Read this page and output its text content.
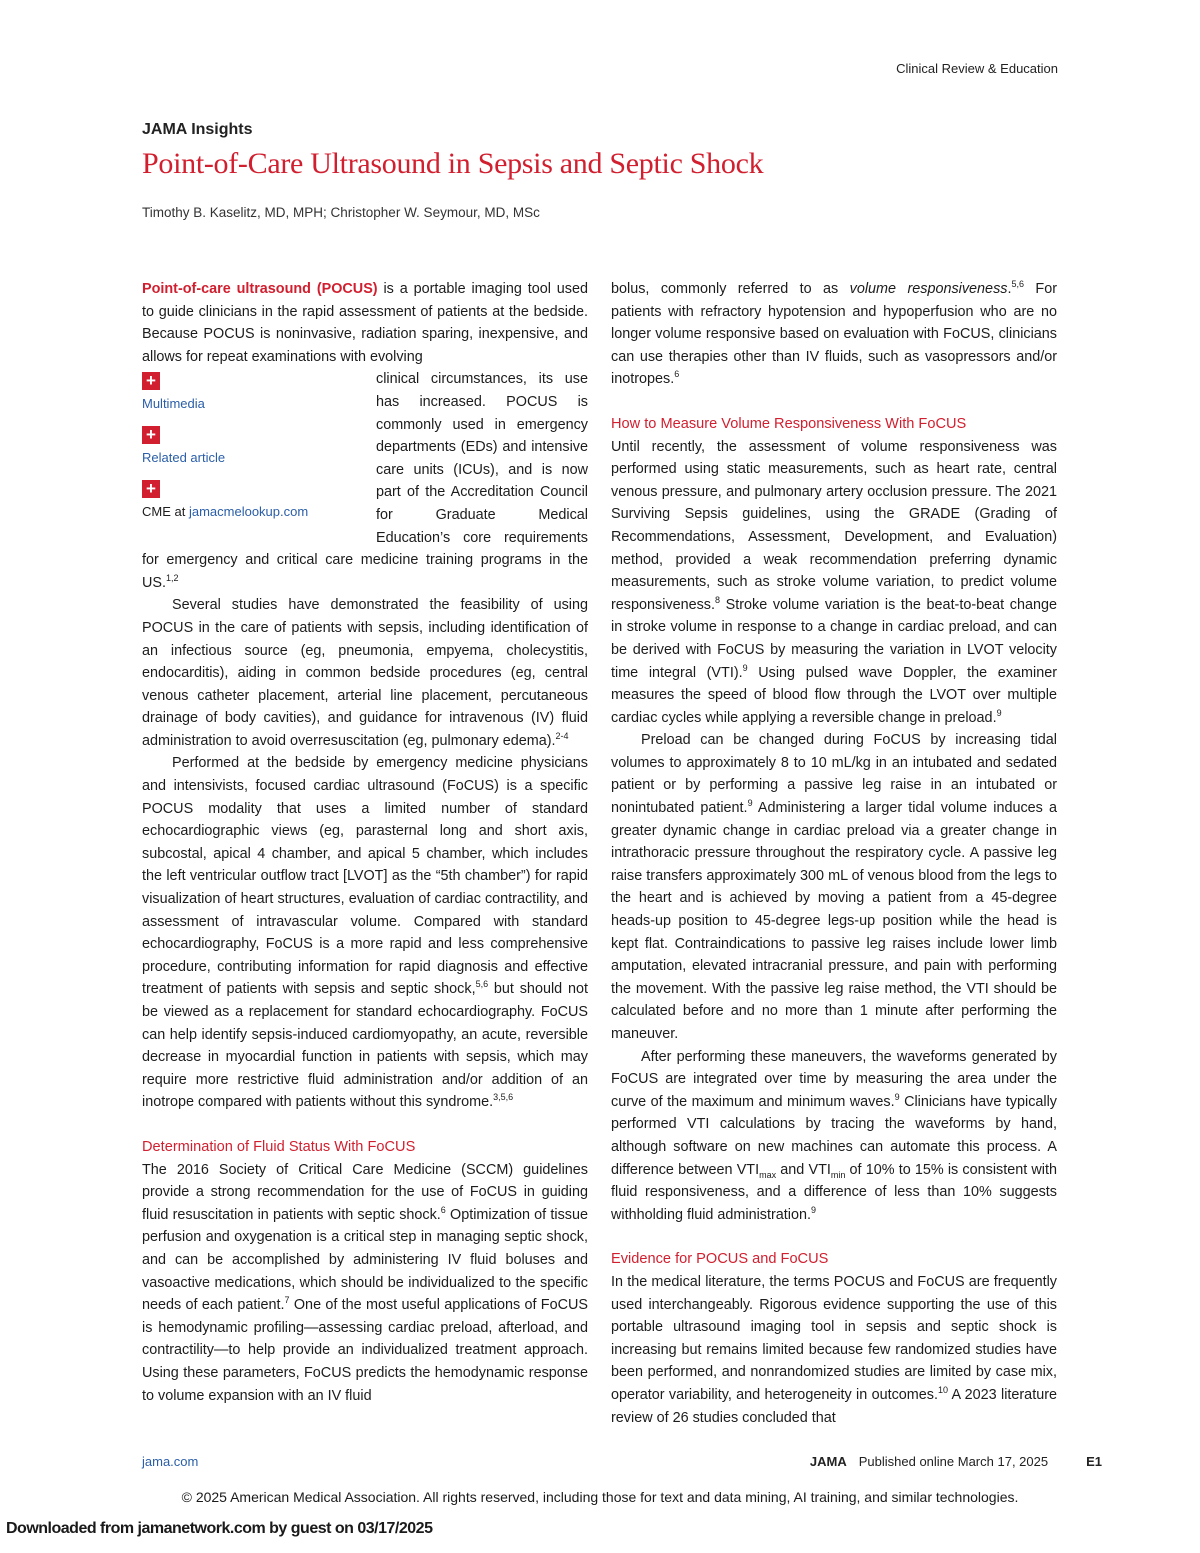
Clinical Review & Education
JAMA Insights
Point-of-Care Ultrasound in Sepsis and Septic Shock
Timothy B. Kaselitz, MD, MPH; Christopher W. Seymour, MD, MSc

Point-of-care ultrasound (POCUS) is a portable imaging tool used to guide clinicians in the rapid assessment of patients at the bedside. Because POCUS is noninvasive, radiation sparing, inexpensive, and allows for repeat examinations with evolving

+
Multimedia
+
Related article
+
CME at jamacmelookup.com

clinical circumstances, its use has increased. POCUS is commonly used in emergency departments (EDs) and intensive care units (ICUs), and is now part of the Accreditation Council for Graduate Medical Education’s core requirements for emergency and critical care medicine training programs in the US.$^{1,2}$

Several studies have demonstrated the feasibility of using POCUS in the care of patients with sepsis, including identification of an infectious source (eg, pneumonia, empyema, cholecystitis, endocarditis), aiding in common bedside procedures (eg, central venous catheter placement, arterial line placement, percutaneous drainage of body cavities), and guidance for intravenous (IV) fluid administration to avoid overresuscitation (eg, pulmonary edema).$^{2-4}$

Performed at the bedside by emergency medicine physicians and intensivists, focused cardiac ultrasound (FoCUS) is a specific POCUS modality that uses a limited number of standard echocardiographic views (eg, parasternal long and short axis, subcostal, apical 4 chamber, and apical 5 chamber, which includes the left ventricular outflow tract [LVOT] as the “5th chamber”) for rapid visualization of heart structures, evaluation of cardiac contractility, and assessment of intravascular volume. Compared with standard echocardiography, FoCUS is a more rapid and less comprehensive procedure, contributing information for rapid diagnosis and effective treatment of patients with sepsis and septic shock,$^{5,6}$ but should not be viewed as a replacement for standard echocardiography. FoCUS can help identify sepsis-induced cardiomyopathy, an acute, reversible decrease in myocardial function in patients with sepsis, which may require more restrictive fluid administration and/or addition of an inotrope compared with patients without this syndrome.$^{3,5,6}$

Determination of Fluid Status With FoCUS

The 2016 Society of Critical Care Medicine (SCCM) guidelines provide a strong recommendation for the use of FoCUS in guiding fluid resuscitation in patients with septic shock.$^6$ Optimization of tissue perfusion and oxygenation is a critical step in managing septic shock, and can be accomplished by administering IV fluid boluses and vasoactive medications, which should be individualized to the specific needs of each patient.$^7$ One of the most useful applications of FoCUS is hemodynamic profiling—assessing cardiac preload, afterload, and contractility—to help provide an individualized treatment approach. Using these parameters, FoCUS predicts the hemodynamic response to volume expansion with an IV fluid

bolus, commonly referred to as volume responsiveness.$^{5,6}$ For patients with refractory hypotension and hypoperfusion who are no longer volume responsive based on evaluation with FoCUS, clinicians can use therapies other than IV fluids, such as vasopressors and/or inotropes.$^6$

How to Measure Volume Responsiveness With FoCUS

Until recently, the assessment of volume responsiveness was performed using static measurements, such as heart rate, central venous pressure, and pulmonary artery occlusion pressure. The 2021 Surviving Sepsis guidelines, using the GRADE (Grading of Recommendations, Assessment, Development, and Evaluation) method, provided a weak recommendation preferring dynamic measurements, such as stroke volume variation, to predict volume responsiveness.$^8$ Stroke volume variation is the beat-to-beat change in stroke volume in response to a change in cardiac preload, and can be derived with FoCUS by measuring the variation in LVOT velocity time integral (VTI).$^9$ Using pulsed wave Doppler, the examiner measures the speed of blood flow through the LVOT over multiple cardiac cycles while applying a reversible change in preload.$^9$

Preload can be changed during FoCUS by increasing tidal volumes to approximately 8 to 10 mL/kg in an intubated and sedated patient or by performing a passive leg raise in an intubated or nonintubated patient.$^9$ Administering a larger tidal volume induces a greater dynamic change in cardiac preload via a greater change in intrathoracic pressure throughout the respiratory cycle. A passive leg raise transfers approximately 300 mL of venous blood from the legs to the heart and is achieved by moving a patient from a 45-degree heads-up position to 45-degree legs-up position while the head is kept flat. Contraindications to passive leg raises include lower limb amputation, elevated intracranial pressure, and pain with performing the movement. With the passive leg raise method, the VTI should be calculated before and no more than 1 minute after performing the maneuver.

After performing these maneuvers, the waveforms generated by FoCUS are integrated over time by measuring the area under the curve of the maximum and minimum waves.$^9$ Clinicians have typically performed VTI calculations by tracing the waveforms by hand, although software on new machines can automate this process. A difference between $VTI_{max}$ and $VTI_{min}$ of 10% to 15% is consistent with fluid responsiveness, and a difference of less than 10% suggests withholding fluid administration.$^9$

Evidence for POCUS and FoCUS

In the medical literature, the terms POCUS and FoCUS are frequently used interchangeably. Rigorous evidence supporting the use of this portable ultrasound imaging tool in sepsis and septic shock is increasing but remains limited because few randomized studies have been performed, and nonrandomized studies are limited by case mix, operator variability, and heterogeneity in outcomes.$^{10}$ A 2023 literature review of 26 studies concluded that

jama.com	JAMA Published online March 17, 2025	E1
© 2025 American Medical Association. All rights reserved, including those for text and data mining, AI training, and similar technologies.
Downloaded from jamanetwork.com by guest on 03/17/2025
